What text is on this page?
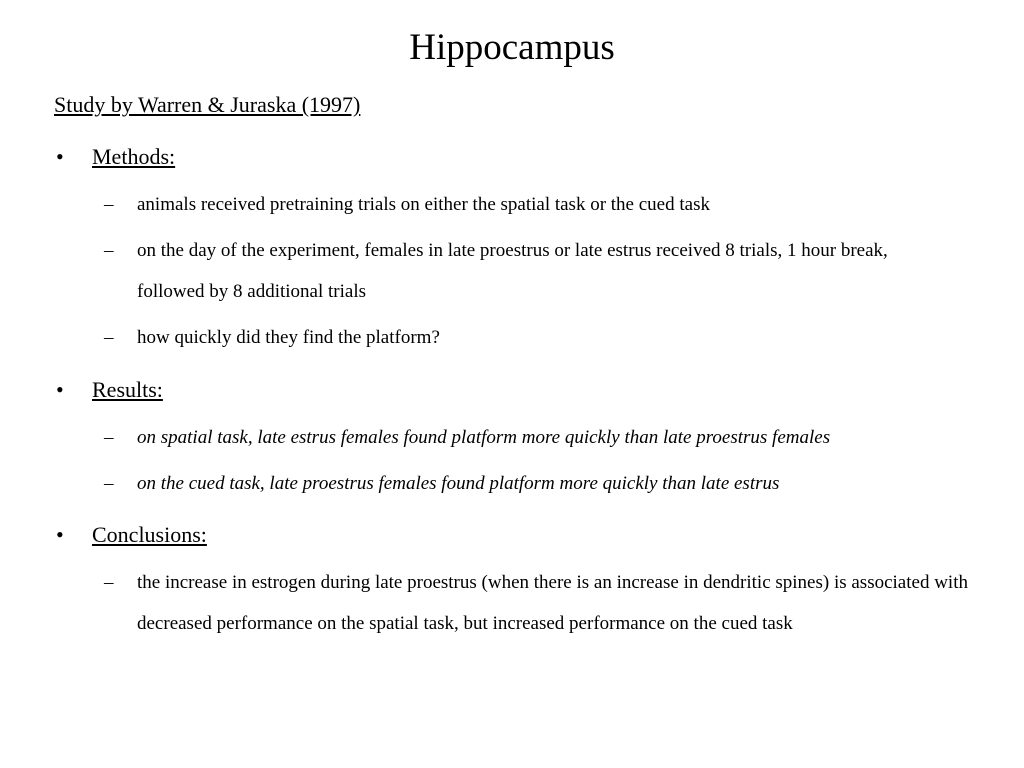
Hippocampus
Study by Warren & Juraska (1997)
• Methods:
– animals received pretraining trials on either the spatial task or the cued task
– on the day of the experiment, females in late proestrus or late estrus received 8 trials, 1 hour break, followed by 8 additional trials
– how quickly did they find the platform?
• Results:
– on spatial task, late estrus females found platform more quickly than late proestrus females
– on the cued task, late proestrus females found platform more quickly than late estrus
• Conclusions:
– the increase in estrogen during late proestrus (when there is an increase in dendritic spines) is associated with decreased performance on the spatial task, but increased performance on the cued task
